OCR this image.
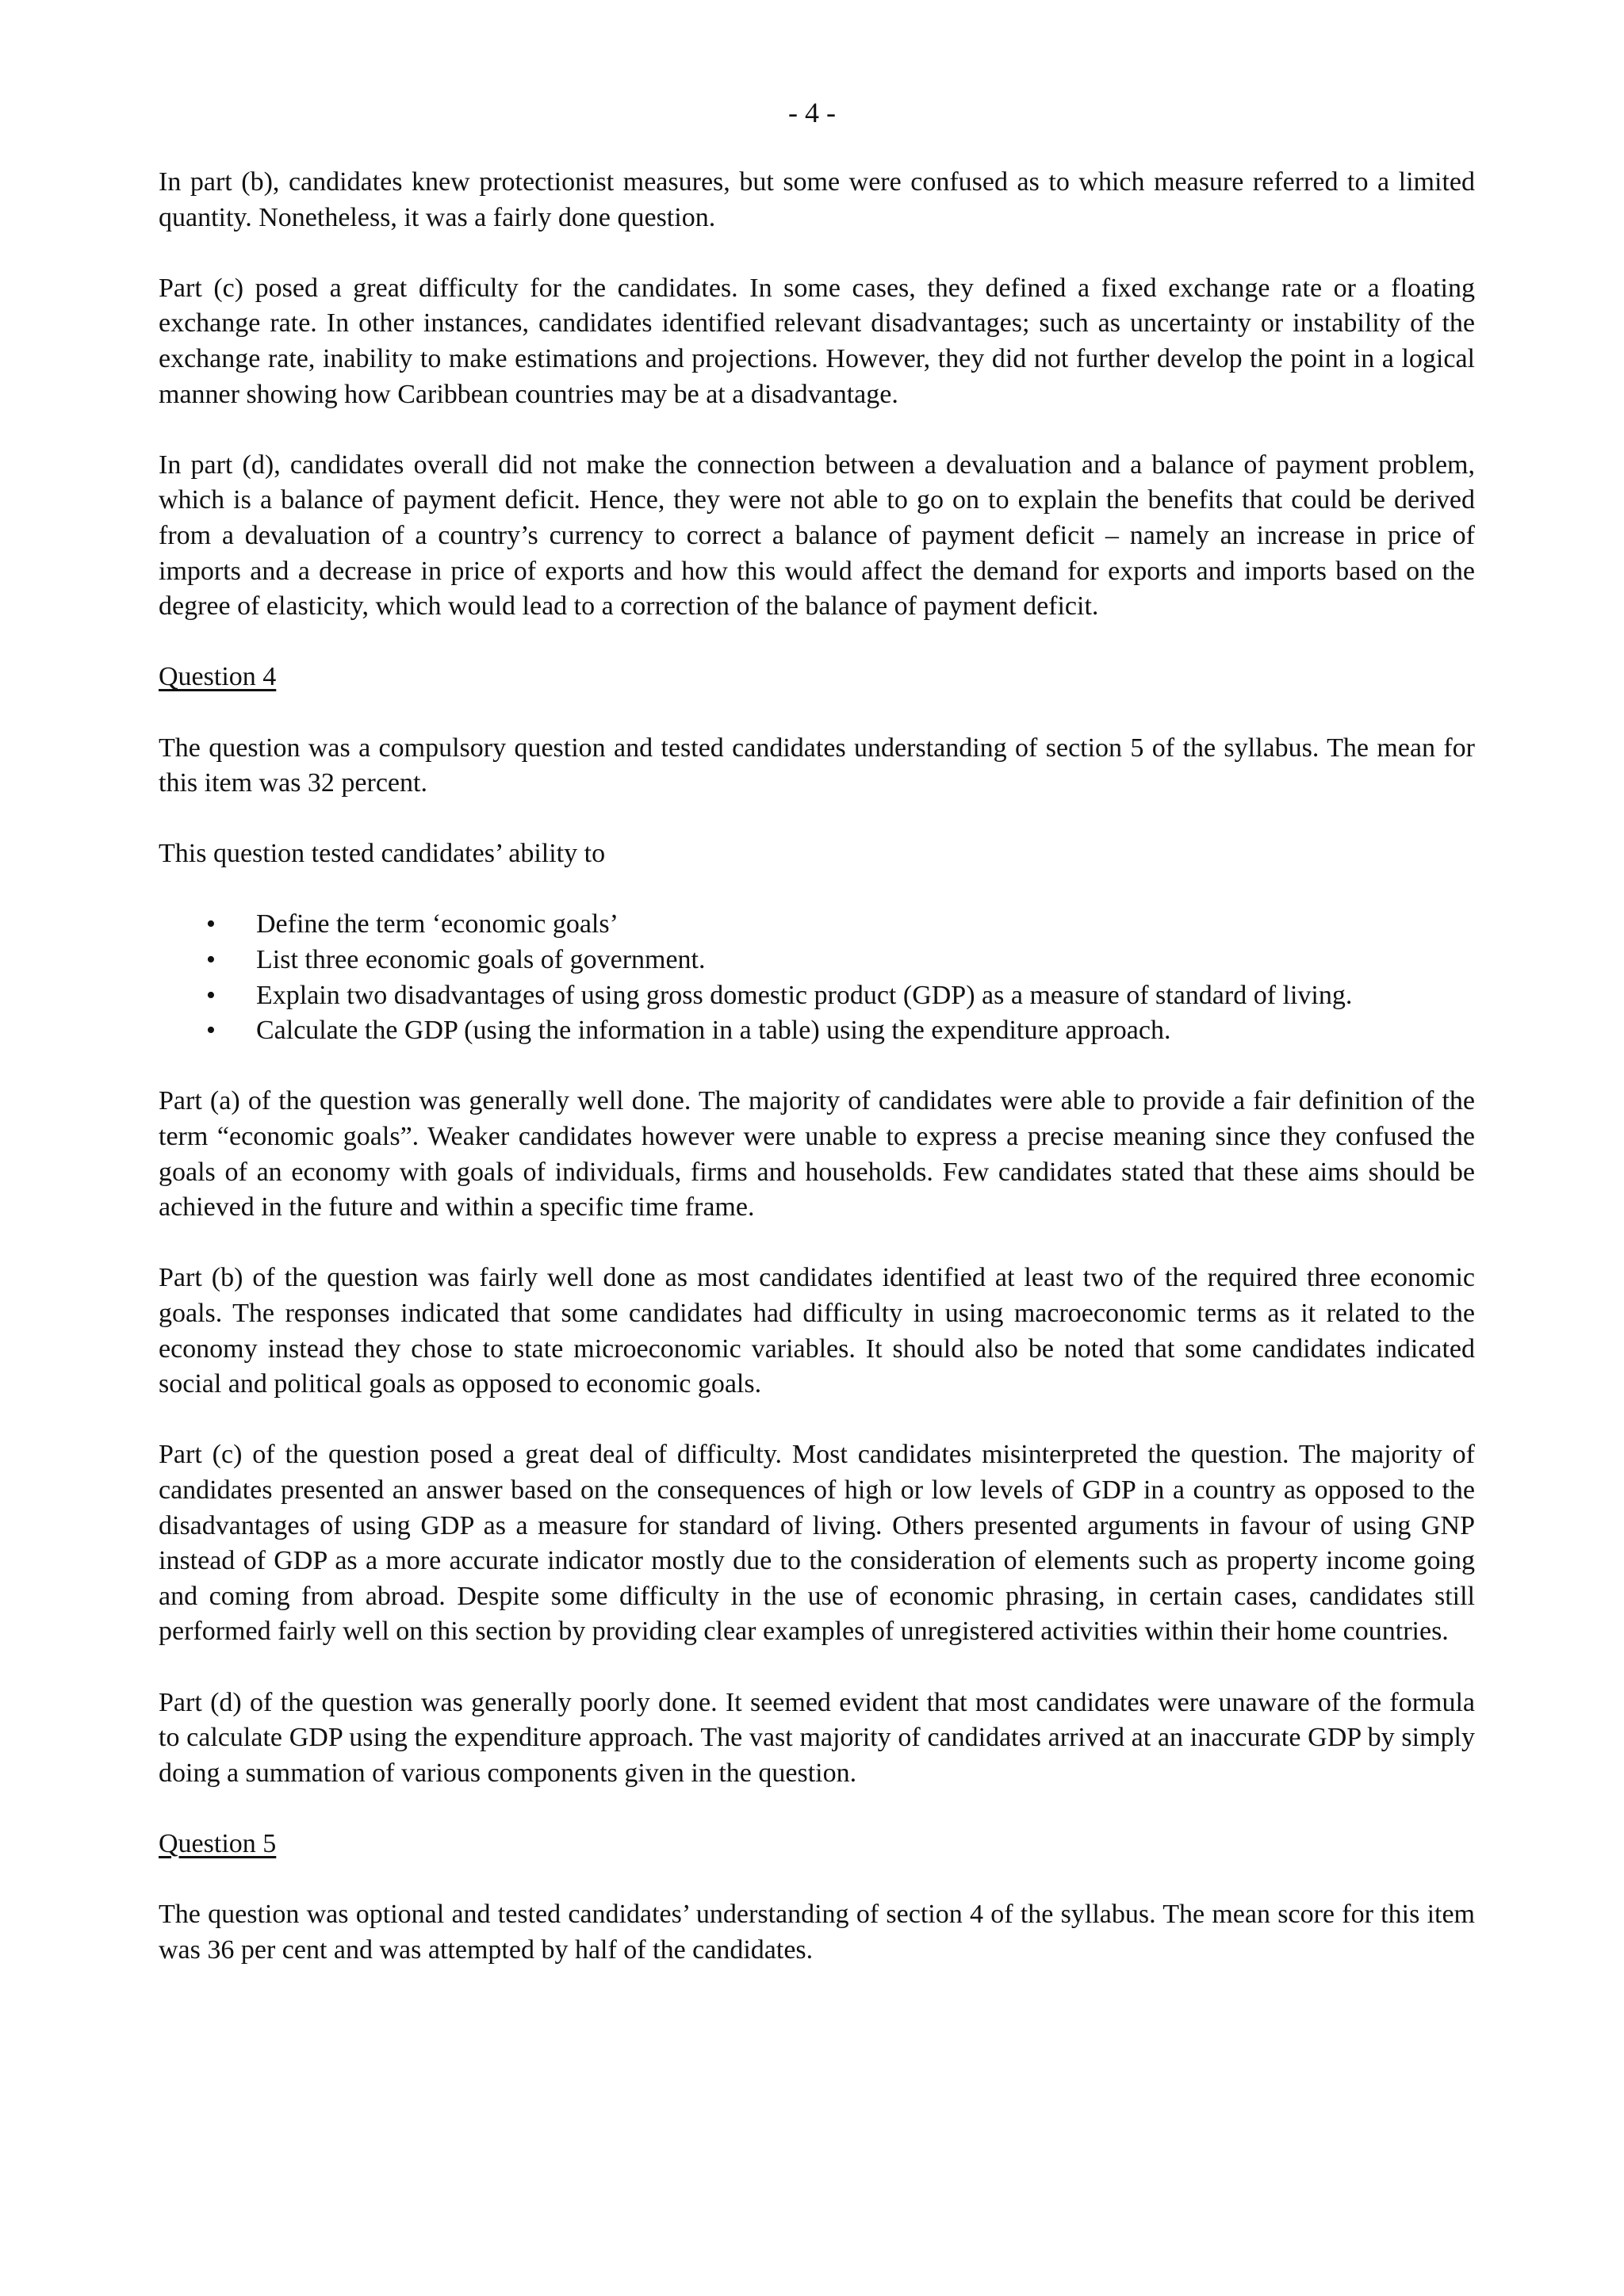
- 4 -

In part (b), candidates knew protectionist measures, but some were confused as to which measure referred to a limited quantity. Nonetheless, it was a fairly done question.

Part (c) posed a great difficulty for the candidates. In some cases, they defined a fixed exchange rate or a floating exchange rate. In other instances, candidates identified relevant disadvantages; such as uncertainty or instability of the exchange rate, inability to make estimations and projections. However, they did not further develop the point in a logical manner showing how Caribbean countries may be at a disadvantage.

In part (d), candidates overall did not make the connection between a devaluation and a balance of payment problem, which is a balance of payment deficit. Hence, they were not able to go on to explain the benefits that could be derived from a devaluation of a country’s currency to correct a balance of payment deficit – namely an increase in price of imports and a decrease in price of exports and how this would affect the demand for exports and imports based on the degree of elasticity, which would lead to a correction of the balance of payment deficit.

Question 4

The question was a compulsory question and tested candidates understanding of section 5 of the syllabus. The mean for this item was 32 percent.

This question tested candidates’ ability to

• Define the term ‘economic goals’
• List three economic goals of government.
• Explain two disadvantages of using gross domestic product (GDP) as a measure of standard of living.
• Calculate the GDP (using the information in a table) using the expenditure approach.

Part (a) of the question was generally well done. The majority of candidates were able to provide a fair definition of the term “economic goals”. Weaker candidates however were unable to express a precise meaning since they confused the goals of an economy with goals of individuals, firms and households. Few candidates stated that these aims should be achieved in the future and within a specific time frame.

Part (b) of the question was fairly well done as most candidates identified at least two of the required three economic goals. The responses indicated that some candidates had difficulty in using macroeconomic terms as it related to the economy instead they chose to state microeconomic variables. It should also be noted that some candidates indicated social and political goals as opposed to economic goals.

Part (c) of the question posed a great deal of difficulty. Most candidates misinterpreted the question. The majority of candidates presented an answer based on the consequences of high or low levels of GDP in a country as opposed to the disadvantages of using GDP as a measure for standard of living. Others presented arguments in favour of using GNP instead of GDP as a more accurate indicator mostly due to the consideration of elements such as property income going and coming from abroad. Despite some difficulty in the use of economic phrasing, in certain cases, candidates still performed fairly well on this section by providing clear examples of unregistered activities within their home countries.

Part (d) of the question was generally poorly done. It seemed evident that most candidates were unaware of the formula to calculate GDP using the expenditure approach. The vast majority of candidates arrived at an inaccurate GDP by simply doing a summation of various components given in the question.

Question 5

The question was optional and tested candidates’ understanding of section 4 of the syllabus. The mean score for this item was 36 per cent and was attempted by half of the candidates.
